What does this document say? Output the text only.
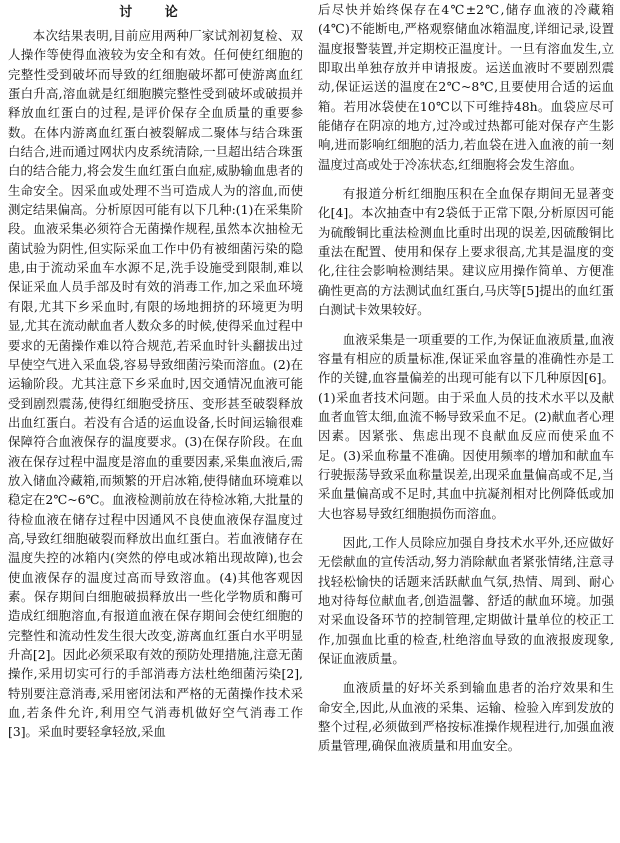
讨 论

本次结果表明,目前应用两种厂家试剂初复检、双人操作等使得血液较为安全和有效。任何使红细胞的完整性受到破坏而导致的红细胞破坏都可使游离血红蛋白升高,溶血就是红细胞膜完整性受到破坏或破损并释放血红蛋白的过程,是评价保存全血质量的重要参数。在体内游离血红蛋白被裂解成二聚体与结合珠蛋白结合,进而通过网状内皮系统清除,一旦超出结合珠蛋白的结合能力,将会发生血红蛋白血症,威胁输血患者的生命安全。因采血或处理不当可造成人为的溶血,而使测定结果偏高。分析原因可能有以下几种:(1)在采集阶段。血液采集必须符合无菌操作规程,虽然本次抽检无菌试验为阴性,但实际采血工作中仍有被细菌污染的隐患,由于流动采血车水源不足,洗手设施受到限制,难以保证采血人员手部及时有效的消毒工作,加之采血环境有限,尤其下乡采血时,有限的场地拥挤的环境更为明显,尤其在流动献血者人数众多的时候,使得采血过程中要求的无菌操作难以符合规范,若采血时针头翻拔出过早使空气进入采血袋,容易导致细菌污染而溶血。(2)在运输阶段。尤其注意下乡采血时,因交通情况血液可能受到剧烈震荡,使得红细胞受挤压、变形甚至破裂释放出血红蛋白。若没有合适的运血设备,长时间运输很难保障符合血液保存的温度要求。(3)在保存阶段。在血液在保存过程中温度是溶血的重要因素,采集血液后,需放入储血冷藏箱,而频繁的开启冰箱,使得储血环境难以稳定在2℃~6℃。血液检测前放在待检冰箱,大批量的待检血液在储存过程中因通风不良使血液保存温度过高,导致红细胞破裂而释放出血红蛋白。若血液储存在温度失控的冰箱内(突然的停电或冰箱出现故障),也会使血液保存的温度过高而导致溶血。(4)其他客观因素。保存期间白细胞破损释放出一些化学物质和酶可造成红细胞溶血,有报道血液在保存期间会使红细胞的完整性和流动性发生很大改变,游离血红蛋白水平明显升高[2]。因此必须采取有效的预防处理措施,注意无菌操作,采用切实可行的手部消毒方法杜绝细菌污染[2],特别要注意消毒,采用密闭法和严格的无菌操作技术采血,若条件允许,利用空气消毒机做好空气消毒工作[3]。采血时要轻拿轻放,采血

后尽快并始终保存在4℃±2℃,储存血液的冷藏箱(4℃)不能断电,严格观察储血冰箱温度,详细记录,设置温度报警装置,并定期校正温度计。一旦有溶血发生,立即取出单独存放并申请报废。运送血液时不要剧烈震动,保证运送的温度在2℃~8℃,且要使用合适的运血箱。若用冰袋使在10℃以下可维持48h。血袋应尽可能储存在阴凉的地方,过冷或过热都可能对保存产生影响,进而影响红细胞的活力,若血袋在进入血液的前一刻温度过高或处于冷冻状态,红细胞将会发生溶血。

有报道分析红细胞压积在全血保存期间无显著变化[4]。本次抽查中有2袋低于正常下限,分析原因可能为硫酸铜比重法检测血比重时出现的误差,因硫酸铜比重法在配置、使用和保存上要求很高,尤其是温度的变化,往往会影响检测结果。建议应用操作简单、方便准确性更高的方法测试血红蛋白,马庆等[5]提出的血红蛋白测试卡效果较好。

血液采集是一项重要的工作,为保证血液质量,血液容量有相应的质量标准,保证采血容量的准确性亦是工作的关键,血容量偏差的出现可能有以下几种原因[6]。(1)采血者技术问题。由于采血人员的技术水平以及献血者血管太细,血流不畅导致采血不足。(2)献血者心理因素。因紧张、焦虑出现不良献血反应而使采血不足。(3)采血称量不准确。因使用频率的增加和献血车行驶振荡导致采血称量误差,出现采血量偏高或不足,当采血量偏高或不足时,其血中抗凝剂相对比例降低或加大也容易导致红细胞损伤而溶血。

因此,工作人员除应加强自身技术水平外,还应做好无偿献血的宣传活动,努力消除献血者紧张情绪,注意寻找轻松愉快的话题来活跃献血气氛,热情、周到、耐心地对待每位献血者,创造温馨、舒适的献血环境。加强对采血设备环节的控制管理,定期做计量单位的校正工作,加强血比重的检查,杜绝溶血导致的血液报废现象,保证血液质量。

血液质量的好坏关系到输血患者的治疗效果和生命安全,因此,从血液的采集、运输、检验入库到发放的整个过程,必须做到严格按标准操作规程进行,加强血液质量管理,确保血液质量和用血安全。
